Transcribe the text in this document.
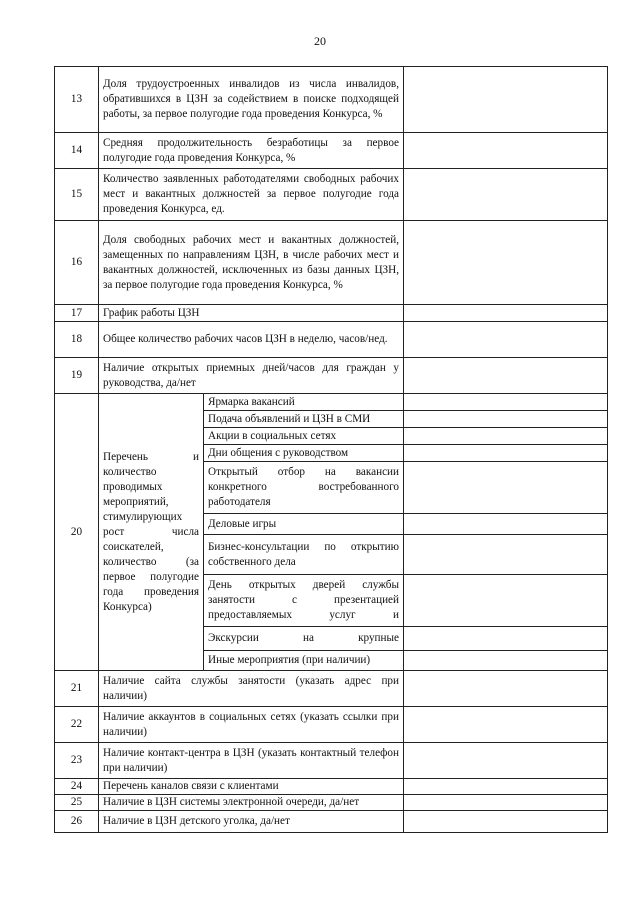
20
13	Доля трудоустроенных инвалидов из числа инвалидов, обратившихся в ЦЗН за содействием в поиске подходящей работы, за первое полугодие года проведения Конкурса, %		
14	Средняя продолжительность безработицы за первое полугодие года проведения Конкурса, %		
15	Количество заявленных работодателями свободных рабочих мест и вакантных должностей за первое полугодие года проведения Конкурса, ед.		
16	Доля свободных рабочих мест и вакантных должностей, замещенных по направлениям ЦЗН, в числе рабочих мест и вакантных должностей, исключенных из базы данных ЦЗН, за первое полугодие года проведения Конкурса, %		
17	График работы ЦЗН		
18	Общее количество рабочих часов ЦЗН в неделю, часов/нед.		
19	Наличие открытых приемных дней/часов для граждан у руководства, да/нет		
20	Перечень и количество проводимых мероприятий, стимулирующих рост числа соискателей, количество (за первое полугодие года проведения Конкурса)	Ярмарка вакансий	
		Подача объявлений и ЦЗН в СМИ	
		Акции в социальных сетях	
		Дни общения с руководством	
		Открытый отбор на вакансии конкретного востребованного работодателя	
		Деловые игры	
		Бизнес-консультации по открытию собственного дела	
		День открытых дверей службы занятости с презентацией предоставляемых услуг и	
		Экскурсии на крупные	
		Иные мероприятия (при наличии)	
21	Наличие сайта службы занятости (указать адрес при наличии)		
22	Наличие аккаунтов в социальных сетях (указать ссылки при наличии)		
23	Наличие контакт-центра в ЦЗН (указать контактный телефон при наличии)		
24	Перечень каналов связи с клиентами		
25	Наличие в ЦЗН системы электронной очереди, да/нет		
26	Наличие в ЦЗН детского уголка, да/нет		
